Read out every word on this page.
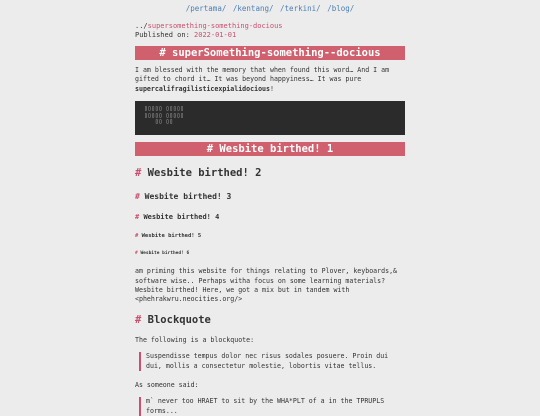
/pertama/ /kentang/ /terkini/ /blog/
../supersomething-something-docious
Published on: 2022-01-01
# superSomething-something--docious
I am blessed with the memory that when found this word… And I am gifted to chord it… It was beyond happyiness… It was pure supercalifragilisticexpialidocious!
▯▯▯▯▯ ▯▯▯▯▯
▯▯▯▯▯ ▯▯▯▯▯
▯▯ ▯▯
# Wesbite birthed! 1
# Wesbite birthed! 2
# Wesbite birthed! 3
# Wesbite birthed! 4
# Wesbite birthed! 5
# Wesbite birthed! 6
am priming this website for things relating to Plover, keyboards,& software wise.. Perhaps witha focus on some learning materials? Wesbite birthed! Here, we got a mix but in tandem with <phehrakwru.neocities.org/>
# Blockquote
The following is a blockquote:
Suspendisse tempus dolor nec risus sodales posuere. Proin dui dui, mollis a consectetur molestie, lobortis vitae tellus.
As someone said:
m` never too HRAET to sit by the WHA*PLT of a in the TPRUPLS forms...
